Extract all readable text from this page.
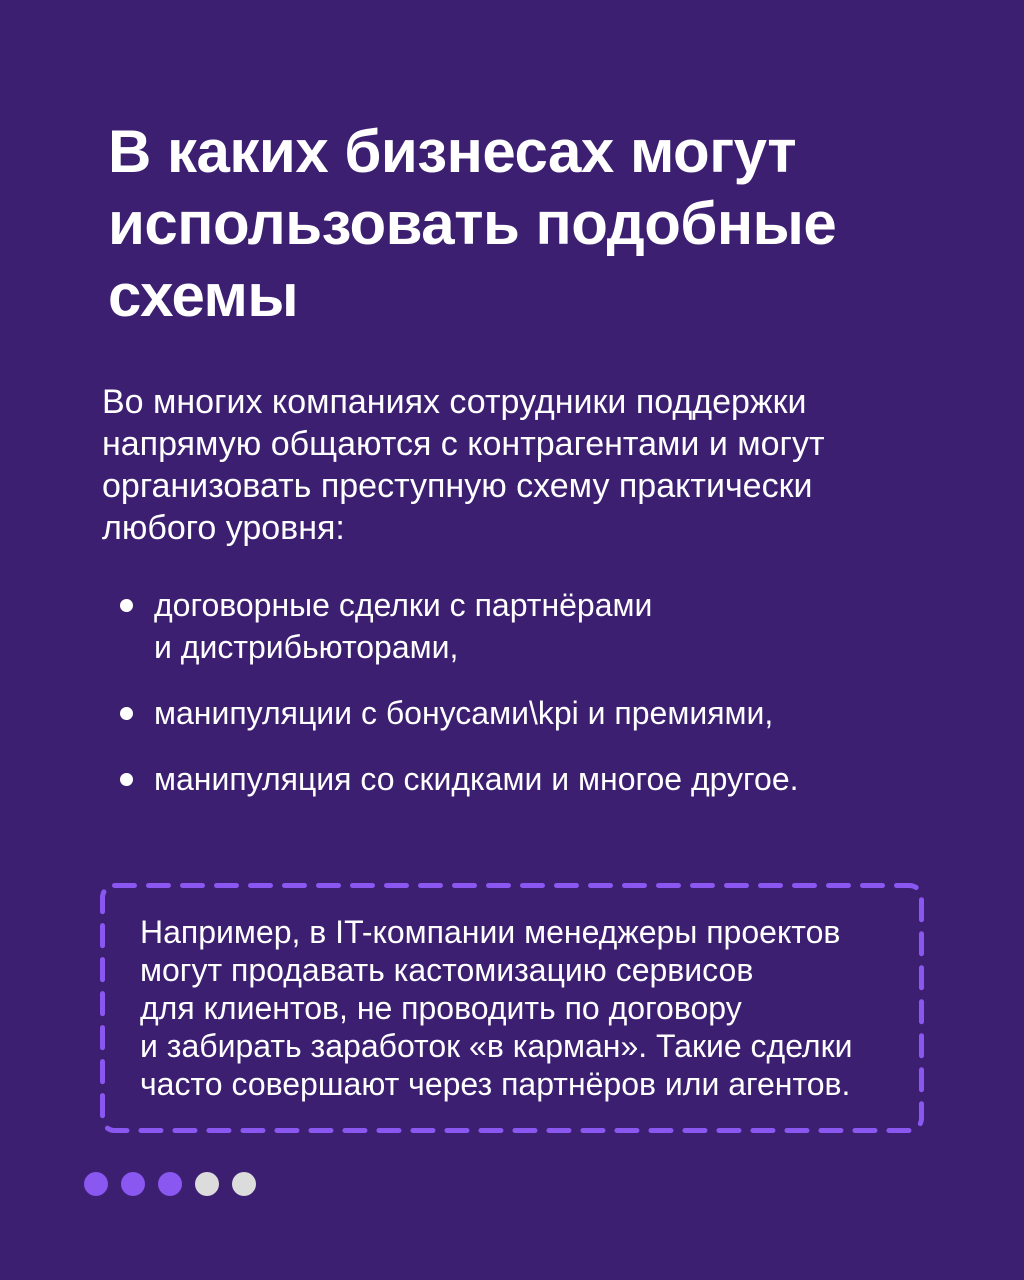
В каких бизнесах могут
использовать подобные
схемы

Во многих компаниях сотрудники поддержки
напрямую общаются с контрагентами и могут
организовать преступную схему практически
любого уровня:

договорные сделки с партнёрами
и дистрибьюторами,
манипуляции с бонусами\kpi и премиями,
манипуляция со скидками и многое другое.

Например, в IT-компании менеджеры проектов
могут продавать кастомизацию сервисов
для клиентов, не проводить по договору
и забирать заработок «в карман». Такие сделки
часто совершают через партнёров или агентов.
